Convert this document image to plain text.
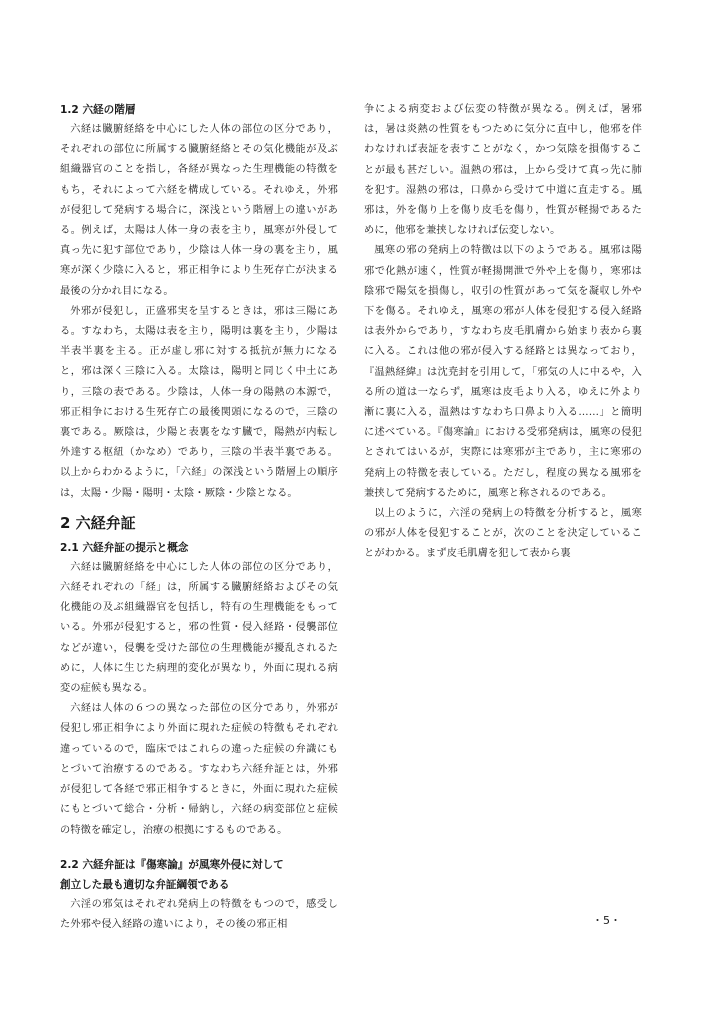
1.2 六経の階層

六経は臓腑経絡を中心にした人体の部位の区分であり，それぞれの部位に所属する臓腑経絡とその気化機能が及ぶ組織器官のことを指し，各経が異なった生理機能の特徴をもち，それによって六経を構成している。それゆえ，外邪が侵犯して発病する場合に，深浅という階層上の違いがある。例えば，太陽は人体一身の表を主り，風寒が外侵して真っ先に犯す部位であり，少陰は人体一身の裏を主り，風寒が深く少陰に入ると，邪正相争により生死存亡が決まる最後の分かれ目になる。

外邪が侵犯し，正盛邪実を呈するときは，邪は三陽にある。すなわち，太陽は表を主り，陽明は裏を主り，少陽は半表半裏を主る。正が虚し邪に対する抵抗が無力になると，邪は深く三陰に入る。太陰は，陽明と同じく中土にあり，三陰の表である。少陰は，人体一身の陽熱の本源で，邪正相争における生死存亡の最後関頭になるので，三陰の裏である。厥陰は，少陽と表裏をなす臓で，陽熱が内転し外達する枢紐（かなめ）であり，三陰の半表半裏である。以上からわかるように，「六経」の深浅という階層上の順序は，太陽・少陽・陽明・太陰・厥陰・少陰となる。

2 六経弁証
2.1 六経弁証の提示と概念

六経は臓腑経絡を中心にした人体の部位の区分であり，六経それぞれの「経」は，所属する臓腑経絡およびその気化機能の及ぶ組織器官を包括し，特有の生理機能をもっている。外邪が侵犯すると，邪の性質・侵入経路・侵襲部位などが違い，侵襲を受けた部位の生理機能が擾乱されるために，人体に生じた病理的変化が異なり，外面に現れる病変の症候も異なる。

六経は人体の６つの異なった部位の区分であり，外邪が侵犯し邪正相争により外面に現れた症候の特徴もそれぞれ違っているので，臨床ではこれらの違った症候の弁識にもとづいて治療するのである。すなわち六経弁証とは，外邪が侵犯して各経で邪正相争するときに，外面に現れた症候にもとづいて総合・分析・帰納し，六経の病変部位と症候の特徴を確定し，治療の根拠にするものである。

2.2 六経弁証は『傷寒論』が風寒外侵に対して
創立した最も適切な弁証綱領である

六淫の邪気はそれぞれ発病上の特徴をもつので，感受した外邪や侵入経路の違いにより，その後の邪正相

争による病変および伝変の特徴が異なる。例えば，暑邪は，暑は炎熱の性質をもつために気分に直中し，他邪を伴わなければ表証を表すことがなく，かつ気陰を損傷することが最も甚だしい。温熱の邪は，上から受けて真っ先に肺を犯す。湿熱の邪は，口鼻から受けて中道に直走する。風邪は，外を傷り上を傷り皮毛を傷り，性質が軽揚であるために，他邪を兼挟しなければ伝変しない。

風寒の邪の発病上の特徴は以下のようである。風邪は陽邪で化熱が速く，性質が軽揚開泄で外や上を傷り，寒邪は陰邪で陽気を損傷し，収引の性質があって気を凝収し外や下を傷る。それゆえ，風寒の邪が人体を侵犯する侵入経路は表外からであり，すなわち皮毛肌膚から始まり表から裏に入る。これは他の邪が侵入する経路とは異なっており，『温熱経緯』は沈尭封を引用して，「邪気の人に中るや，入る所の道は一ならず，風寒は皮毛より入る，ゆえに外より漸に裏に入る，温熱はすなわち口鼻より入る……」と簡明に述べている。『傷寒論』における受邪発病は，風寒の侵犯とされてはいるが，実際には寒邪が主であり，主に寒邪の発病上の特徴を表している。ただし，程度の異なる風邪を兼挟して発病するために，風寒と称されるのである。

以上のように，六淫の発病上の特徴を分析すると，風寒の邪が人体を侵犯することが，次のことを決定していることがわかる。まず皮毛肌膚を犯して表から裏

・5・
